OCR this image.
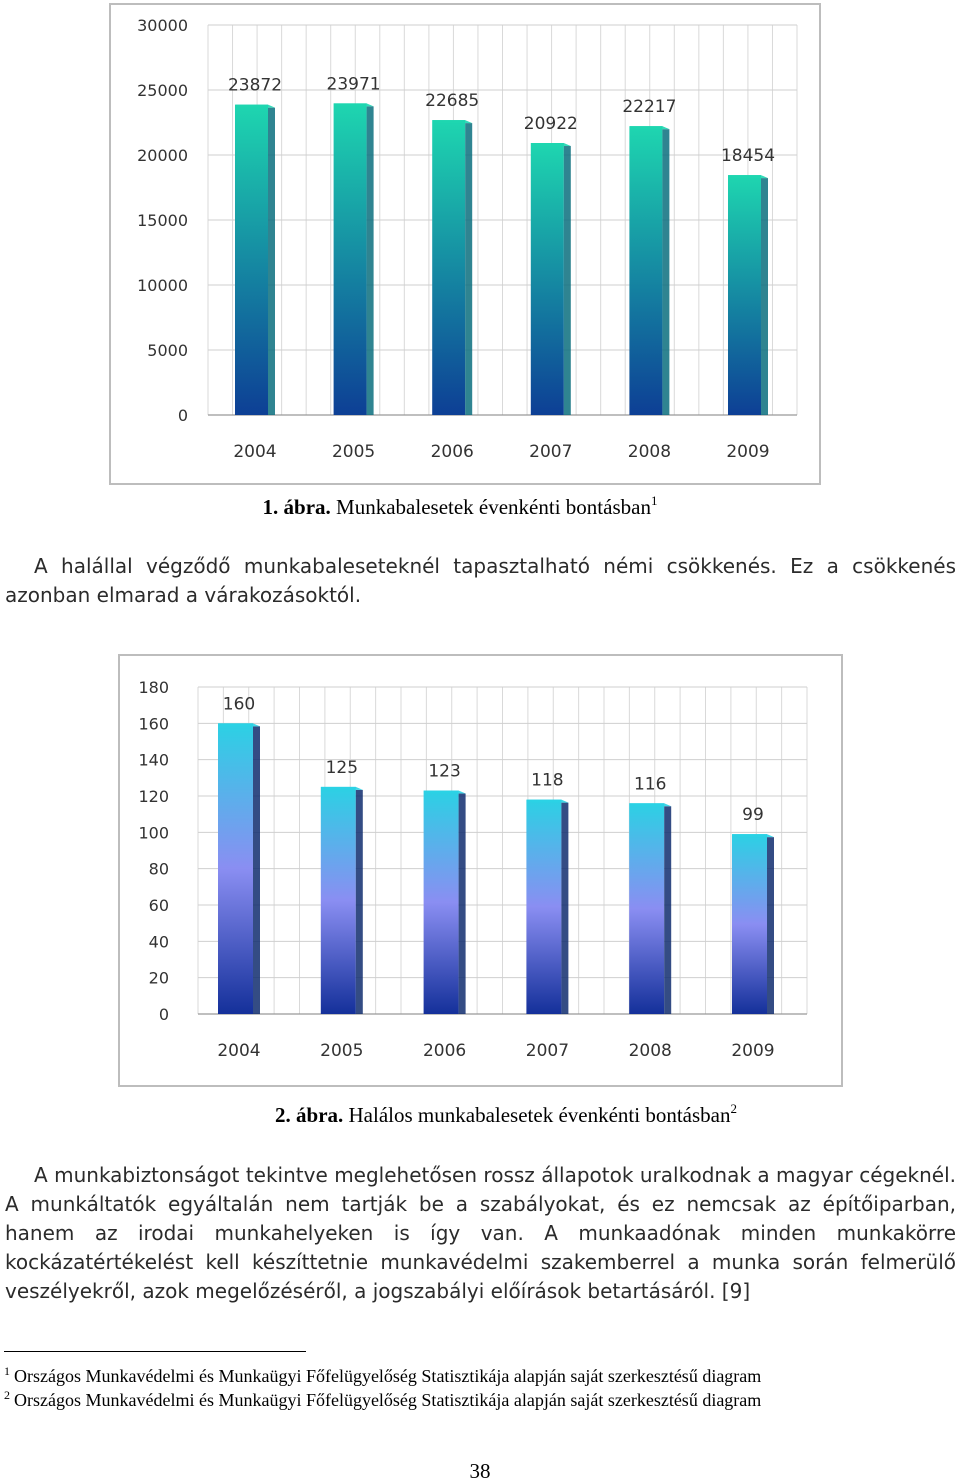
0
5000
10000
15000
20000
25000
30000
23872
2004
23971
2005
22685
2006
20922
2007
22217
2008
18454
2009
1. ábra. Munkabalesetek évenkénti bontásban$^1$
A halállal végződő munkabaleseteknél tapasztalható némi csökkenés. Ez a csökkenés azonban elmarad a várakozásoktól.
0
20
40
60
80
100
120
140
160
180
160
2004
125
2005
123
2006
118
2007
116
2008
99
2009
2. ábra. Halálos munkabalesetek évenkénti bontásban$^2$
A munkabiztonságot tekintve meglehetősen rossz állapotok uralkodnak a magyar cégeknél. A munkáltatók egyáltalán nem tartják be a szabályokat, és ez nemcsak az építőiparban, hanem az irodai munkahelyeken is így van. A munkaadónak minden munkakörre kockázatértékelést kell készíttetnie munkavédelmi szakemberrel a munka során felmerülő veszélyekről, azok megelőzéséről, a jogszabályi előírások betartásáról. [9]
$^1$ Országos Munkavédelmi és Munkaügyi Főfelügyelőség Statisztikája alapján saját szerkesztésű diagram
$^2$ Országos Munkavédelmi és Munkaügyi Főfelügyelőség Statisztikája alapján saját szerkesztésű diagram
38
